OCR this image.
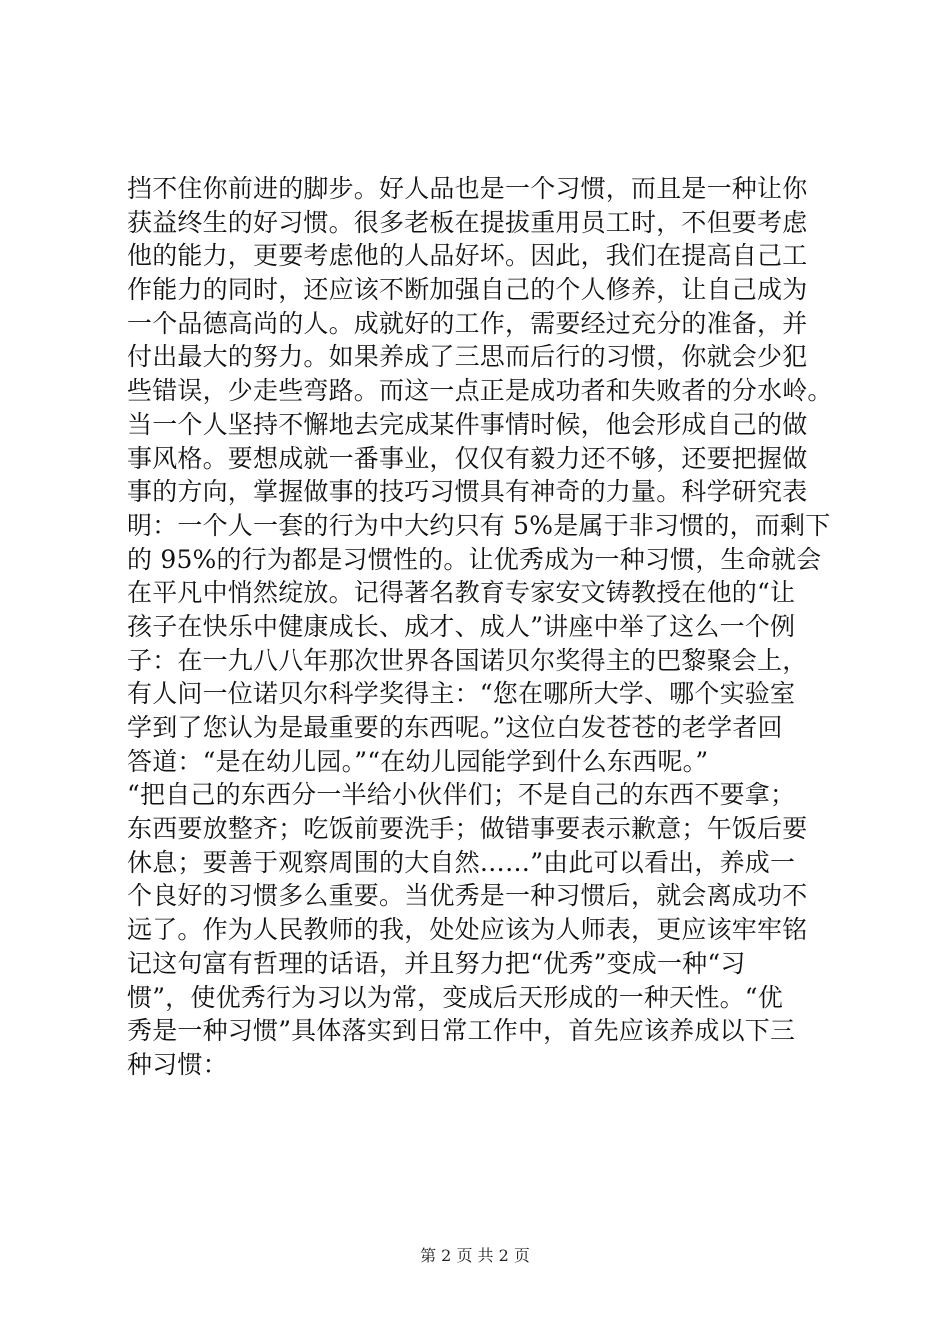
挡不住你前进的脚步。好人品也是一个习惯，而且是一种让你
获益终生的好习惯。很多老板在提拔重用员工时，不但要考虑
他的能力，更要考虑他的人品好坏。因此，我们在提高自己工
作能力的同时，还应该不断加强自己的个人修养，让自己成为
一个品德高尚的人。成就好的工作，需要经过充分的准备，并
付出最大的努力。如果养成了三思而后行的习惯，你就会少犯
些错误，少走些弯路。而这一点正是成功者和失败者的分水岭。
当一个人坚持不懈地去完成某件事情时候，他会形成自己的做
事风格。要想成就一番事业，仅仅有毅力还不够，还要把握做
事的方向，掌握做事的技巧习惯具有神奇的力量。科学研究表
明：一个人一套的行为中大约只有 5%是属于非习惯的，而剩下
的 95%的行为都是习惯性的。让优秀成为一种习惯，生命就会
在平凡中悄然绽放。记得著名教育专家安文铸教授在他的“让
孩子在快乐中健康成长、成才、成人”讲座中举了这么一个例
子：在一九八八年那次世界各国诺贝尔奖得主的巴黎聚会上，
有人问一位诺贝尔科学奖得主：“您在哪所大学、哪个实验室
学到了您认为是最重要的东西呢。”这位白发苍苍的老学者回
答道：“是在幼儿园。”“在幼儿园能学到什么东西呢。”
“把自己的东西分一半给小伙伴们；不是自己的东西不要拿；
东西要放整齐；吃饭前要洗手；做错事要表示歉意；午饭后要
休息；要善于观察周围的大自然……”由此可以看出，养成一
个良好的习惯多么重要。当优秀是一种习惯后，就会离成功不
远了。作为人民教师的我，处处应该为人师表，更应该牢牢铭
记这句富有哲理的话语，并且努力把“优秀”变成一种“习
惯”，使优秀行为习以为常，变成后天形成的一种天性。“优
秀是一种习惯”具体落实到日常工作中，首先应该养成以下三
种习惯：
第 2 页 共 2 页
